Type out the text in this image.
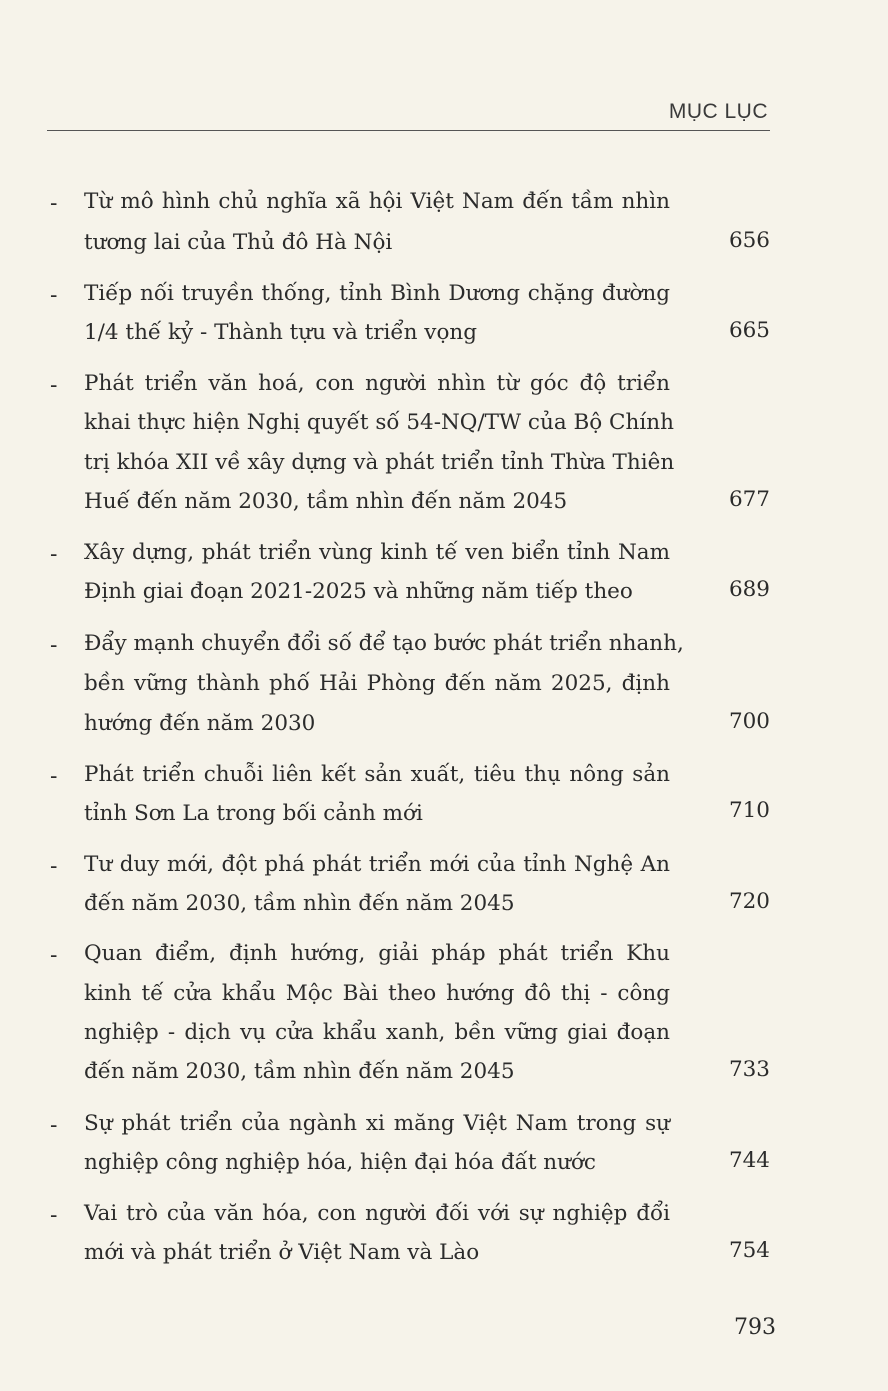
MỤC LỤC
- Từ mô hình chủ nghĩa xã hội Việt Nam đến tầm nhìn
tương lai của Thủ đô Hà Nội	656
- Tiếp nối truyền thống, tỉnh Bình Dương chặng đường
1/4 thế kỷ - Thành tựu và triển vọng	665
- Phát triển văn hoá, con người nhìn từ góc độ triển
khai thực hiện Nghị quyết số 54-NQ/TW của Bộ Chính
trị khóa XII về xây dựng và phát triển tỉnh Thừa Thiên
Huế đến năm 2030, tầm nhìn đến năm 2045	677
- Xây dựng, phát triển vùng kinh tế ven biển tỉnh Nam
Định giai đoạn 2021-2025 và những năm tiếp theo	689
- Đẩy mạnh chuyển đổi số để tạo bước phát triển nhanh,
bền vững thành phố Hải Phòng đến năm 2025, định
hướng đến năm 2030	700
- Phát triển chuỗi liên kết sản xuất, tiêu thụ nông sản
tỉnh Sơn La trong bối cảnh mới	710
- Tư duy mới, đột phá phát triển mới của tỉnh Nghệ An
đến năm 2030, tầm nhìn đến năm 2045	720
- Quan điểm, định hướng, giải pháp phát triển Khu
kinh tế cửa khẩu Mộc Bài theo hướng đô thị - công
nghiệp - dịch vụ cửa khẩu xanh, bền vững giai đoạn
đến năm 2030, tầm nhìn đến năm 2045	733
- Sự phát triển của ngành xi măng Việt Nam trong sự
nghiệp công nghiệp hóa, hiện đại hóa đất nước	744
- Vai trò của văn hóa, con người đối với sự nghiệp đổi
mới và phát triển ở Việt Nam và Lào	754
793
